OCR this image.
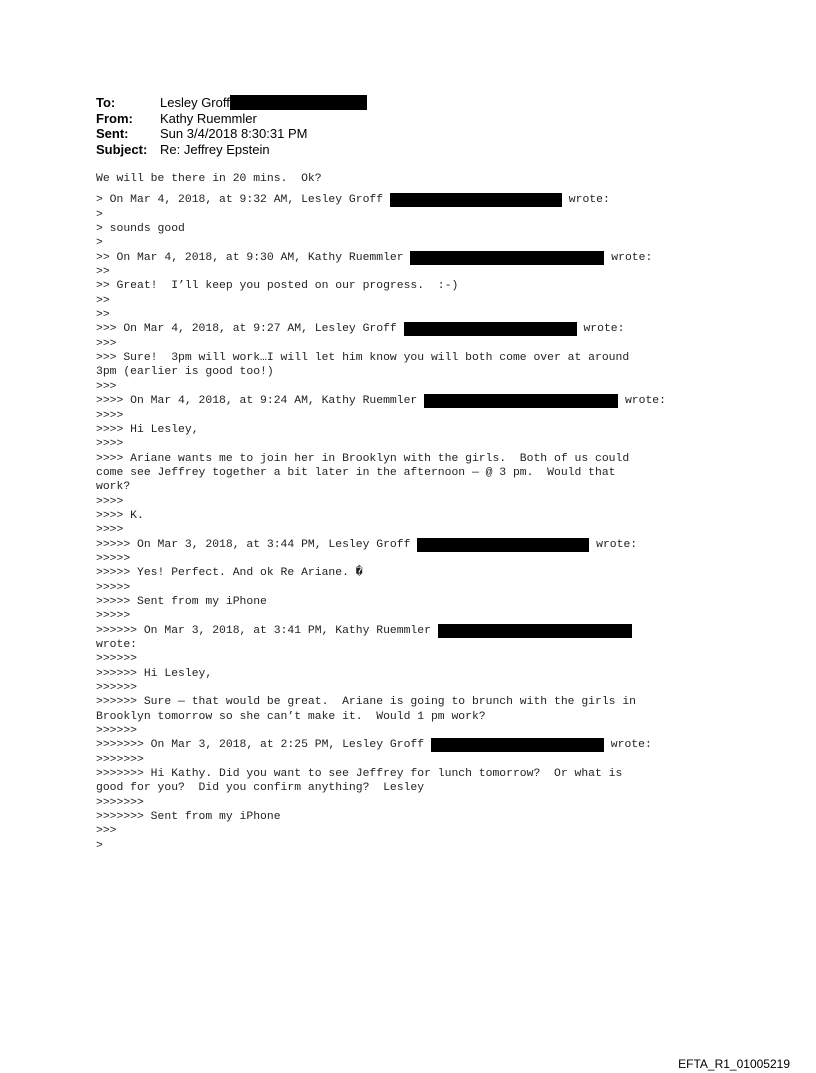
To:	Lesley Groff
From: Kathy Ruemmler
Sent: Sun 3/4/2018 8:30:31 PM
Subject: Re: Jeffrey Epstein
We will be there in 20 mins.  Ok?
> On Mar 4, 2018, at 9:32 AM, Lesley Groff	wrote:
>
> sounds good
>
>> On Mar 4, 2018, at 9:30 AM, Kathy Ruemmler	wrote:
>>
>> Great!  I’ll keep you posted on our progress.  :-)
>>
>>
>>> On Mar 4, 2018, at 9:27 AM, Lesley Groff	wrote:
>>>
>>> Sure!  3pm will work…I will let him know you will both come over at around
3pm (earlier is good too!)
>>>
>>>> On Mar 4, 2018, at 9:24 AM, Kathy Ruemmler	wrote:
>>>>
>>>> Hi Lesley,
>>>>
>>>> Ariane wants me to join her in Brooklyn with the girls.  Both of us could
come see Jeffrey together a bit later in the afternoon — @ 3 pm.  Would that
work?
>>>>
>>>> K.
>>>>
>>>>> On Mar 3, 2018, at 3:44 PM, Lesley Groff	wrote:
>>>>>
>>>>> Yes! Perfect. And ok Re Ariane. �
>>>>>
>>>>> Sent from my iPhone
>>>>>
>>>>>> On Mar 3, 2018, at 3:41 PM, Kathy Ruemmler
wrote:
>>>>>>
>>>>>> Hi Lesley,
>>>>>>
>>>>>> Sure — that would be great.  Ariane is going to brunch with the girls in
Brooklyn tomorrow so she can’t make it.  Would 1 pm work?
>>>>>>
>>>>>>> On Mar 3, 2018, at 2:25 PM, Lesley Groff	wrote:
>>>>>>>
>>>>>>> Hi Kathy. Did you want to see Jeffrey for lunch tomorrow?  Or what is
good for you?  Did you confirm anything?  Lesley
>>>>>>>
>>>>>>> Sent from my iPhone
>>>
>
EFTA_R1_01005219
